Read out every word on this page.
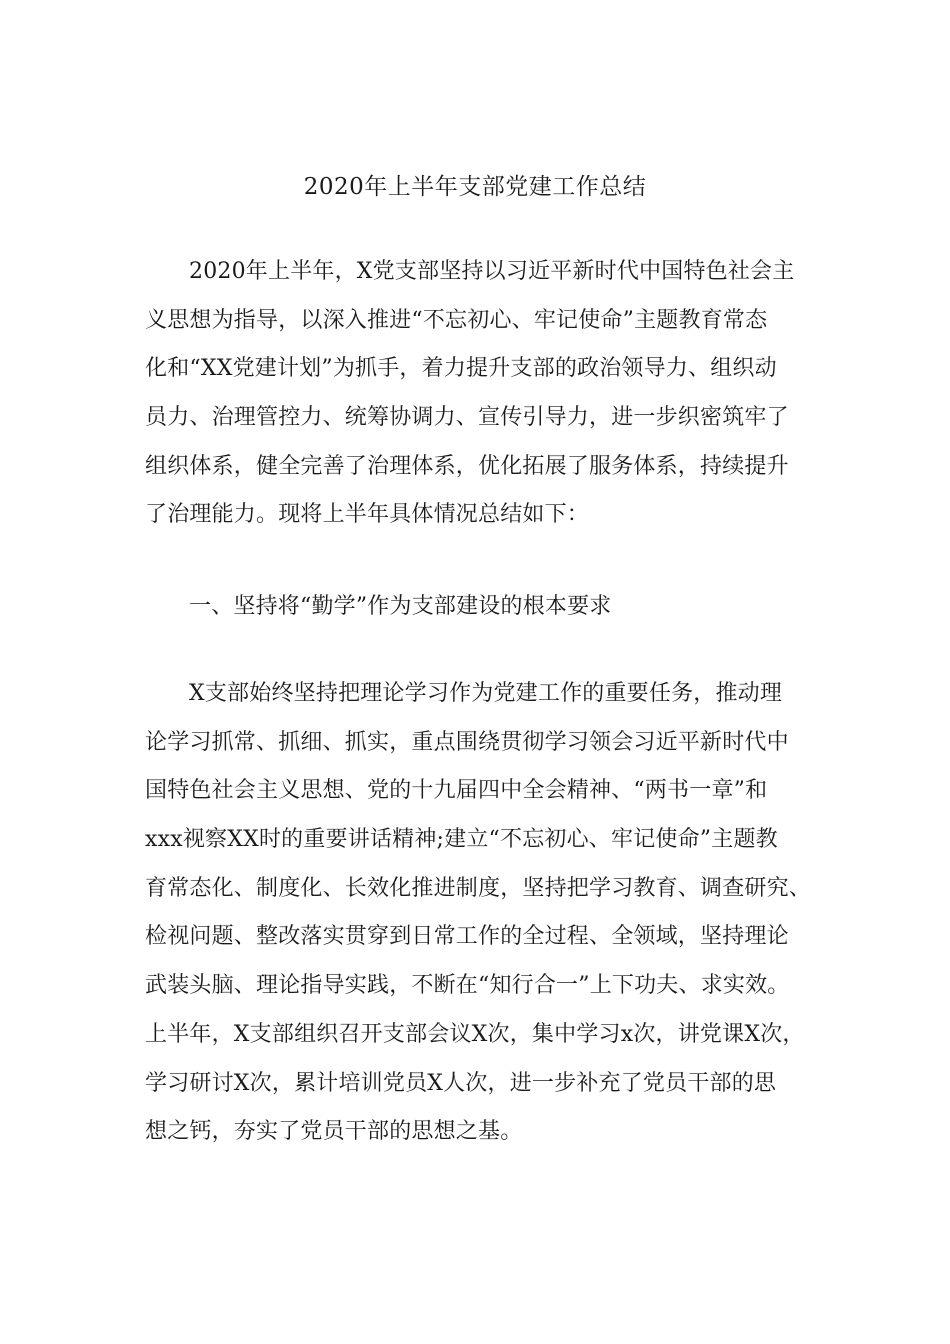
2020年上半年支部党建工作总结
2020年上半年，X党支部坚持以习近平新时代中国特色社会主
义思想为指导，以深入推进“不忘初心、牢记使命”主题教育常态
化和“XX党建计划”为抓手，着力提升支部的政治领导力、组织动
员力、治理管控力、统筹协调力、宣传引导力，进一步织密筑牢了
组织体系，健全完善了治理体系，优化拓展了服务体系，持续提升
了治理能力。现将上半年具体情况总结如下：
一、坚持将“勤学”作为支部建设的根本要求
X支部始终坚持把理论学习作为党建工作的重要任务，推动理
论学习抓常、抓细、抓实，重点围绕贯彻学习领会习近平新时代中
国特色社会主义思想、党的十九届四中全会精神、“两书一章”和
xxx视察XX时的重要讲话精神;建立“不忘初心、牢记使命”主题教
育常态化、制度化、长效化推进制度，坚持把学习教育、调查研究、
检视问题、整改落实贯穿到日常工作的全过程、全领域，坚持理论
武装头脑、理论指导实践，不断在“知行合一”上下功夫、求实效。
上半年，X支部组织召开支部会议X次，集中学习x次，讲党课X次，
学习研讨X次，累计培训党员X人次，进一步补充了党员干部的思
想之钙，夯实了党员干部的思想之基。
